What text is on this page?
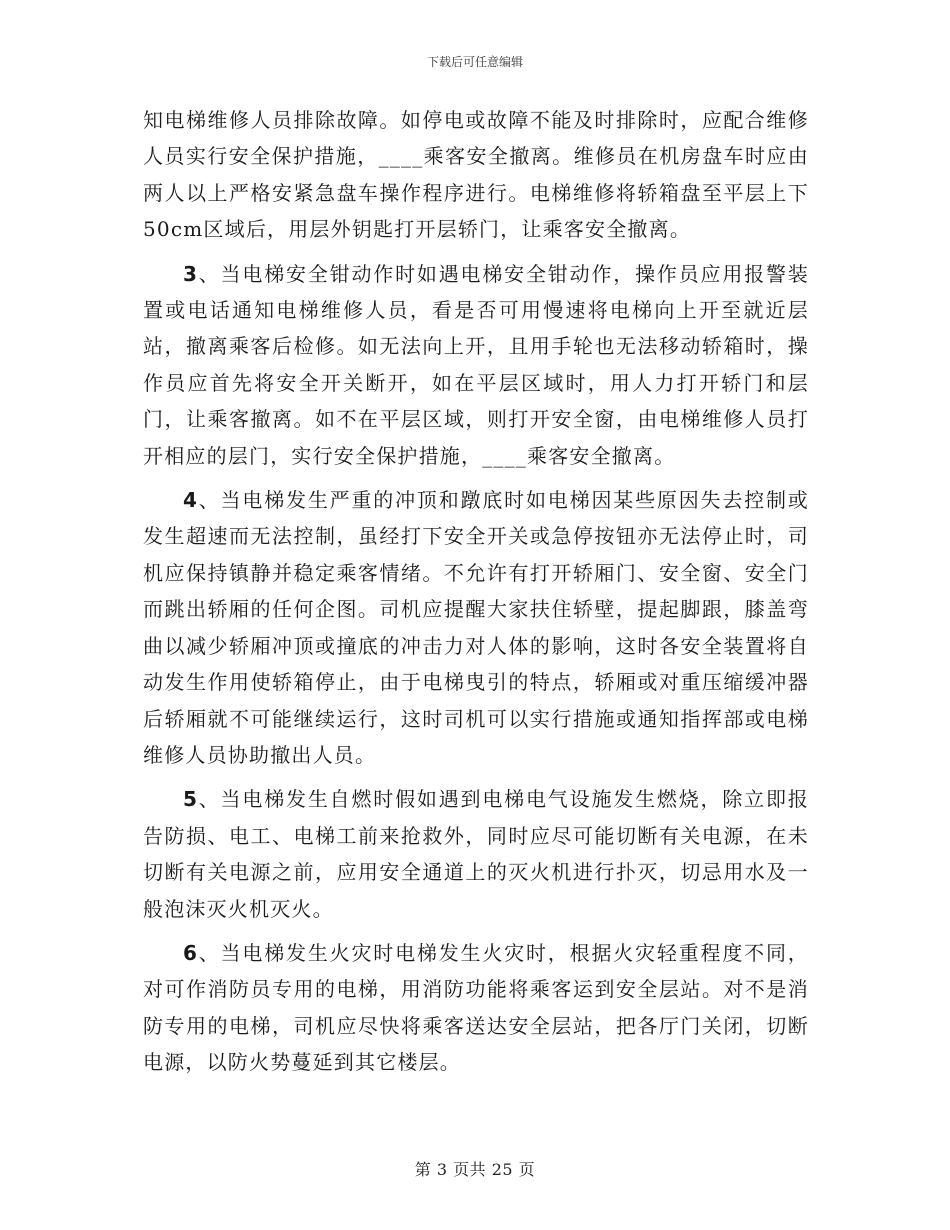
下载后可任意编辑

知电梯维修人员排除故障。如停电或故障不能及时排除时，应配合维修人员实行安全保护措施，____乘客安全撤离。维修员在机房盘车时应由两人以上严格安紧急盘车操作程序进行。电梯维修将轿箱盘至平层上下50cm区域后，用层外钥匙打开层轿门，让乘客安全撤离。

3、当电梯安全钳动作时如遇电梯安全钳动作，操作员应用报警装置或电话通知电梯维修人员，看是否可用慢速将电梯向上开至就近层站，撤离乘客后检修。如无法向上开，且用手轮也无法移动轿箱时，操作员应首先将安全开关断开，如在平层区域时，用人力打开轿门和层门，让乘客撤离。如不在平层区域，则打开安全窗，由电梯维修人员打开相应的层门，实行安全保护措施，____乘客安全撤离。

4、当电梯发生严重的冲顶和蹾底时如电梯因某些原因失去控制或发生超速而无法控制，虽经打下安全开关或急停按钮亦无法停止时，司机应保持镇静并稳定乘客情绪。不允许有打开轿厢门、安全窗、安全门而跳出轿厢的任何企图。司机应提醒大家扶住轿壁，提起脚跟，膝盖弯曲以减少轿厢冲顶或撞底的冲击力对人体的影响，这时各安全装置将自动发生作用使轿箱停止，由于电梯曳引的特点，轿厢或对重压缩缓冲器后轿厢就不可能继续运行，这时司机可以实行措施或通知指挥部或电梯维修人员协助撤出人员。

5、当电梯发生自燃时假如遇到电梯电气设施发生燃烧，除立即报告防损、电工、电梯工前来抢救外，同时应尽可能切断有关电源，在未切断有关电源之前，应用安全通道上的灭火机进行扑灭，切忌用水及一般泡沫灭火机灭火。

6、当电梯发生火灾时电梯发生火灾时，根据火灾轻重程度不同，对可作消防员专用的电梯，用消防功能将乘客运到安全层站。对不是消防专用的电梯，司机应尽快将乘客送达安全层站，把各厅门关闭，切断电源，以防火势蔓延到其它楼层。

第 3 页共 25 页
